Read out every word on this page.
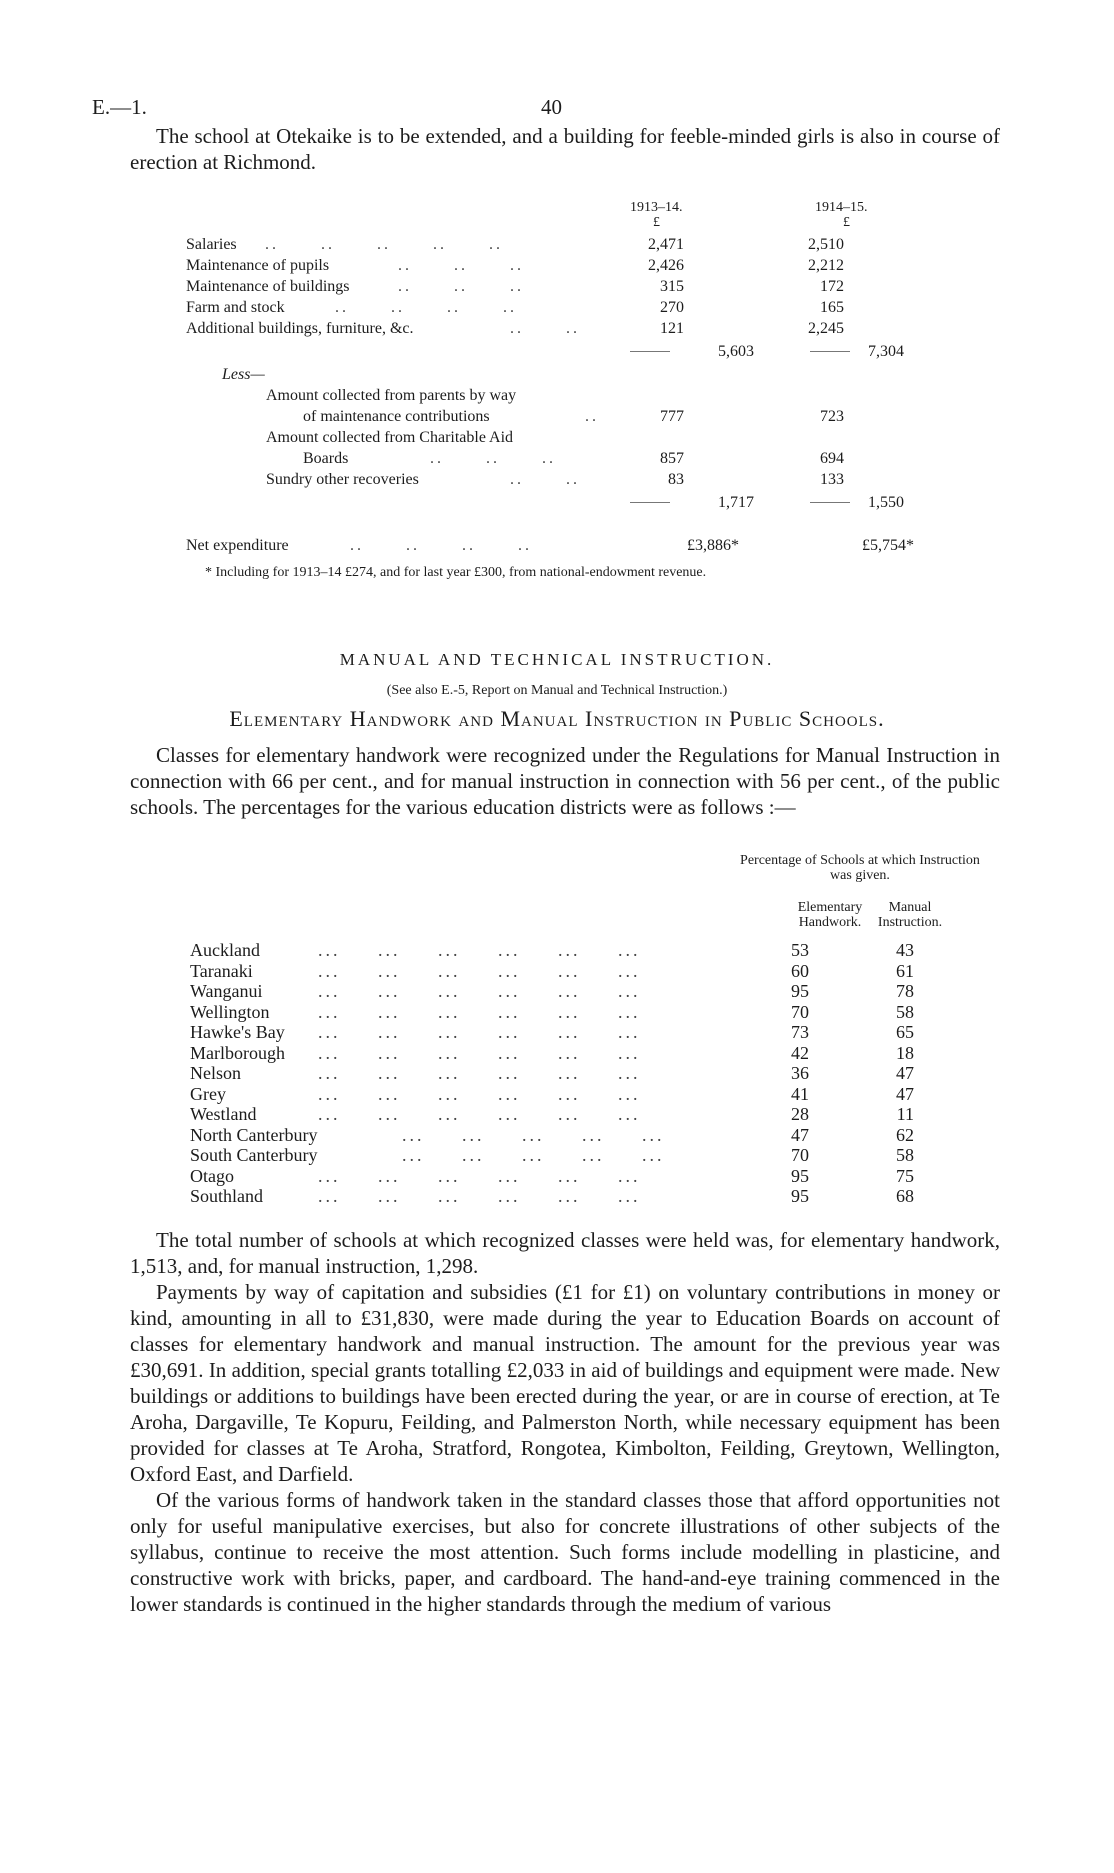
E.—1.	40

The school at Otekaike is to be extended, and a building for feeble-minded girls is also in course of erection at Richmond.

1913–14.
£
1914–15.
£
Salaries ..      ..      ..      ..      ..	2,471	2,510
Maintenance of pupils	..      ..      ..	2,426	2,212
Maintenance of buildings	..      ..      ..	315	172
Farm and stock	..      ..      ..      ..	270	165
Additional buildings, furniture, &c.	..      ..	121	2,245
5,603	7,304
Less—
Amount collected from parents by way
of maintenance contributions	..	777	723
Amount collected from Charitable Aid
Boards	..      ..      ..	857	694
Sundry other recoveries	..      ..	83	133
1,717	1,550
Net expenditure	..      ..      ..      ..	£3,886*	£5,754*
* Including for 1913–14 £274, and for last year £300, from national-endowment revenue.
MANUAL AND TECHNICAL INSTRUCTION.
(See also E.-5, Report on Manual and Technical Instruction.)
Elementary Handwork and Manual Instruction in Public Schools.

Classes for elementary handwork were recognized under the Regulations for Manual Instruction in connection with 66 per cent., and for manual instruction in connection with 56 per cent., of the public schools. The percentages for the various education districts were as follows :—

Percentage of Schools at which Instruction was given.
Elementary Handwork.
Manual Instruction.
Auckland	...     ...     ...     ...     ...     ...	53	43
Taranaki	...     ...     ...     ...     ...     ...	60	61
Wanganui	...     ...     ...     ...     ...     ...	95	78
Wellington	...     ...     ...     ...     ...     ...	70	58
Hawke's Bay ...     ...     ...     ...     ...     ...	73	65
Marlborough ...     ...     ...     ...     ...     ...	42	18
Nelson	...     ...     ...     ...     ...     ...	36	47
Grey	...     ...     ...     ...     ...     ...	41	47
Westland	...     ...     ...     ...     ...     ...	28	11
North Canterbury	...     ...     ...     ...     ...	47	62
South Canterbury	...     ...     ...     ...     ...	70	58
Otago	...     ...     ...     ...     ...     ...	95	75
Southland	...     ...     ...     ...     ...     ...	95	68

The total number of schools at which recognized classes were held was, for elementary handwork, 1,513, and, for manual instruction, 1,298.

Payments by way of capitation and subsidies (£1 for £1) on voluntary contributions in money or kind, amounting in all to £31,830, were made during the year to Education Boards on account of classes for elementary handwork and manual instruction. The amount for the previous year was £30,691. In addition, special grants totalling £2,033 in aid of buildings and equipment were made. New buildings or additions to buildings have been erected during the year, or are in course of erection, at Te Aroha, Dargaville, Te Kopuru, Feilding, and Palmerston North, while necessary equipment has been provided for classes at Te Aroha, Stratford, Rongotea, Kimbolton, Feilding, Greytown, Wellington, Oxford East, and Darfield.

Of the various forms of handwork taken in the standard classes those that afford opportunities not only for useful manipulative exercises, but also for concrete illustrations of other subjects of the syllabus, continue to receive the most attention. Such forms include modelling in plasticine, and constructive work with bricks, paper, and cardboard. The hand-and-eye training commenced in the lower standards is continued in the higher standards through the medium of various
